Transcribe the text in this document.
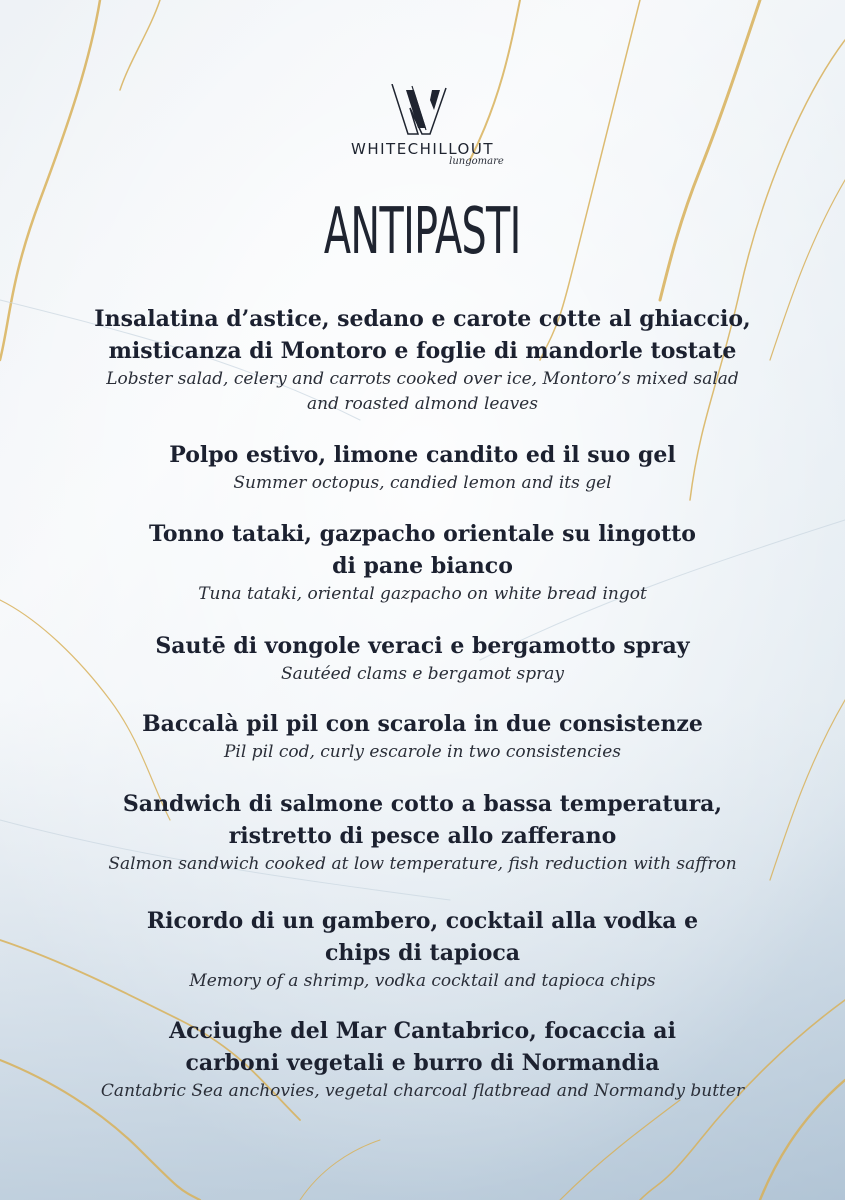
WHITECHILLOUT
lungomare
ANTIPASTI

Insalatina d’astice, sedano e carote cotte al ghiaccio,
misticanza di Montoro e foglie di mandorle tostate

Lobster salad, celery and carrots cooked over ice, Montoro’s mixed salad
and roasted almond leaves

Polpo estivo, limone candito ed il suo gel

Summer octopus, candied lemon and its gel

Tonno tataki, gazpacho orientale su lingotto
di pane bianco

Tuna tataki, oriental gazpacho on white bread ingot

Sautē di vongole veraci e bergamotto spray

Sautéed clams e bergamot spray

Baccalà pil pil con scarola in due consistenze

Pil pil cod, curly escarole in two consistencies

Sandwich di salmone cotto a bassa temperatura,
ristretto di pesce allo zafferano

Salmon sandwich cooked at low temperature, fish reduction with saffron

Ricordo di un gambero, cocktail alla vodka e
chips di tapioca

Memory of a shrimp, vodka cocktail and tapioca chips

Acciughe del Mar Cantabrico, focaccia ai
carboni vegetali e burro di Normandia

Cantabric Sea anchovies, vegetal charcoal flatbread and Normandy butter
